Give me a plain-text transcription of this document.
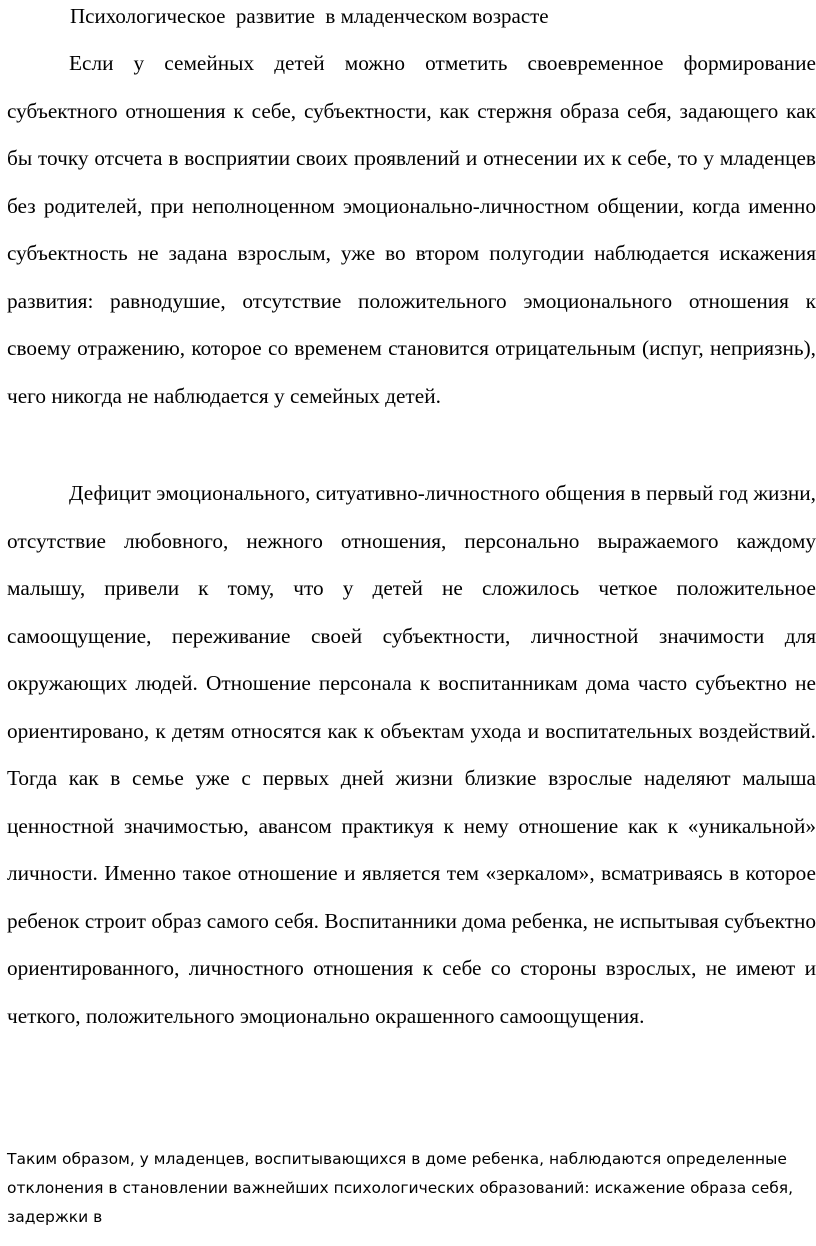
Психологическое  развитие  в младенческом возрасте

Если у семейных детей можно отметить своевременное формирование субъектного отношения к себе, субъектности, как стержня образа себя, задающего как бы точку отсчета в восприятии своих проявлений и отнесении их к себе, то у младенцев без родителей, при неполноценном эмоционально-личностном общении, когда именно субъектность не задана взрослым, уже во втором полугодии наблюдается искажения развития: равнодушие, отсутствие положительного эмоционального отношения к своему отражению, которое со временем становится отрицательным (испуг, неприязнь), чего никогда не наблюдается у семейных детей.

Дефицит эмоционального, ситуативно-личностного общения в первый год жизни, отсутствие любовного, нежного отношения, персонально выражаемого каждому малышу, привели к тому, что у детей не сложилось четкое положительное самоощущение, переживание своей субъектности, личностной значимости для окружающих людей. Отношение персонала к воспитанникам дома часто субъектно не ориентировано, к детям относятся как к объектам ухода и воспитательных воздействий. Тогда как в семье уже с первых дней жизни близкие взрослые наделяют малыша ценностной значимостью, авансом практикуя к нему отношение как к «уникальной» личности. Именно такое отношение и является тем «зеркалом», всматриваясь в которое ребенок строит образ самого себя. Воспитанники дома ребенка, не испытывая субъектно ориентированного, личностного отношения к себе со стороны взрослых, не имеют и четкого, положительного эмоционально окрашенного самоощущения.

Таким образом, у младенцев, воспитывающихся в доме ребенка, наблюдаются определенные отклонения в становлении важнейших психологических образований: искажение образа себя, задержки в
